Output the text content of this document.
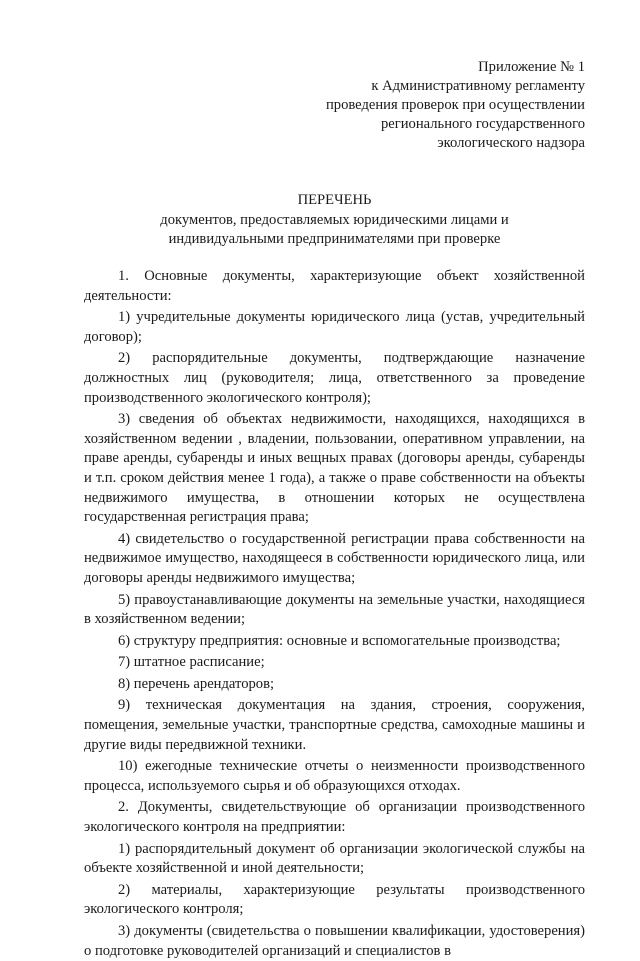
Приложение № 1
к Административному регламенту
проведения проверок при осуществлении
регионального государственного
экологического надзора
ПЕРЕЧЕНЬ
документов, предоставляемых юридическими лицами и
индивидуальными предпринимателями при проверке

1. Основные документы, характеризующие объект хозяйственной деятельности:

1) учредительные документы юридического лица (устав, учредительный договор);

2) распорядительные документы, подтверждающие назначение должностных лиц (руководителя; лица, ответственного за проведение производственного экологического контроля);

3) сведения об объектах недвижимости, находящихся, находящихся в хозяйственном ведении , владении, пользовании, оперативном управлении, на праве аренды, субаренды и иных вещных правах (договоры аренды, субаренды и т.п. сроком действия менее 1 года), а также о праве собственности на объекты недвижимого имущества, в отношении которых не осуществлена государственная регистрация права;

4) свидетельство о государственной регистрации права собственности на недвижимое имущество, находящееся в собственности юридического лица, или договоры аренды недвижимого имущества;

5) правоустанавливающие документы на земельные участки, находящиеся в хозяйственном ведении;

6) структуру предприятия: основные и вспомогательные производства;

7) штатное расписание;

8) перечень арендаторов;

9) техническая документация на здания, строения, сооружения, помещения, земельные участки, транспортные средства, самоходные машины и другие виды передвижной техники.

10) ежегодные технические отчеты о неизменности производственного процесса, используемого сырья и об образующихся отходах.

2. Документы, свидетельствующие об организации производственного экологического контроля на предприятии:

1) распорядительный документ об организации экологической службы на объекте хозяйственной и иной деятельности;

2) материалы, характеризующие результаты производственного экологического контроля;

3) документы (свидетельства о повышении квалификации, удостоверения) о подготовке руководителей организаций и специалистов в
